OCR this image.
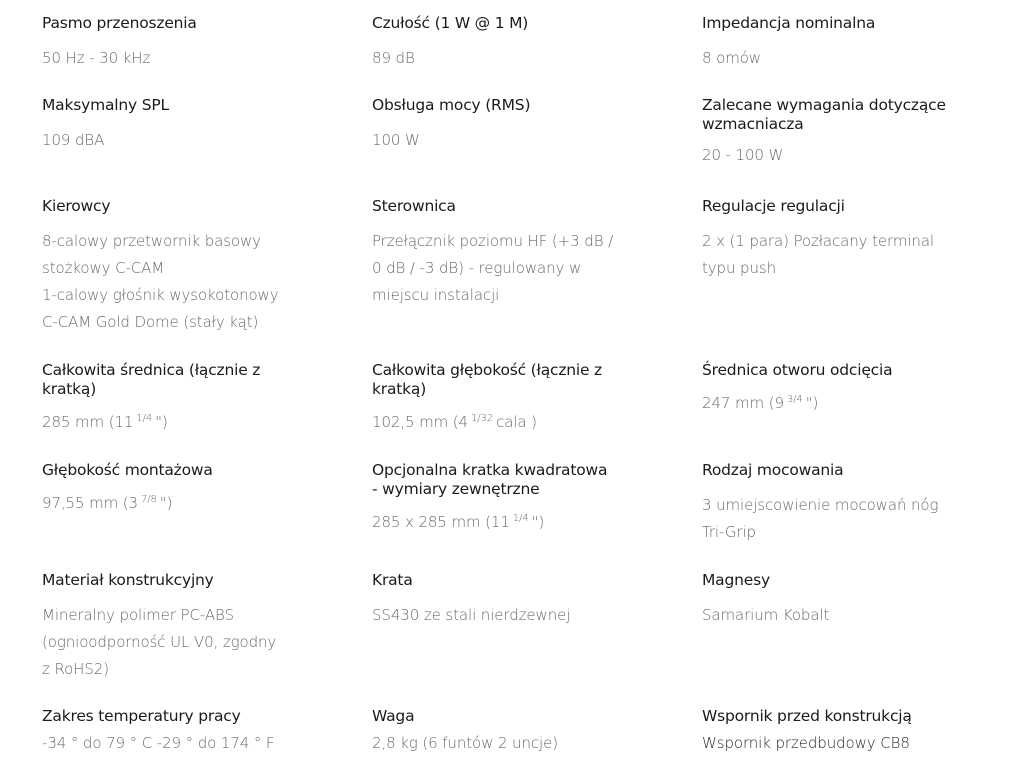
Pasmo przenoszenia
50 Hz - 30 kHz
Czułość (1 W @ 1 M)
89 dB
Impedancja nominalna
8 omów
Maksymalny SPL
109 dBA
Obsługa mocy (RMS)
100 W
Zalecane wymagania dotyczące wzmacniacza
20 - 100 W
Kierowcy
8-calowy przetwornik basowy
stożkowy C-CAM
1-calowy głośnik wysokotonowy
C-CAM Gold Dome (stały kąt)
Sterownica
Przełącznik poziomu HF (+3 dB /
0 dB / -3 dB) - regulowany w
miejscu instalacji
Regulacje regulacji
2 x (1 para) Pozłacany terminal
typu push
Całkowita średnica (łącznie z kratką)
285 mm (11 $^{1/4}$ ")
Całkowita głębokość (łącznie z kratką)
102,5 mm (4 $^{1/32}$ cala )
Średnica otworu odcięcia
247 mm (9 $^{3/4}$ ")
Głębokość montażowa
97,55 mm (3 $^{7/8}$ ")
Opcjonalna kratka kwadratowa - wymiary zewnętrzne
285 x 285 mm (11 $^{1/4}$ ")
Rodzaj mocowania
3 umiejscowienie mocowań nóg
Tri-Grip
Materiał konstrukcyjny
Mineralny polimer PC-ABS
(ognioodporność UL V0, zgodny
z RoHS2)
Krata
SS430 ze stali nierdzewnej
Magnesy
Samarium Kobalt
Zakres temperatury pracy
-34 ° do 79 ° C -29 ° do 174 ° F
Waga
2,8 kg (6 funtów 2 uncje)
Wspornik przed konstrukcją
Wspornik przedbudowy CB8
